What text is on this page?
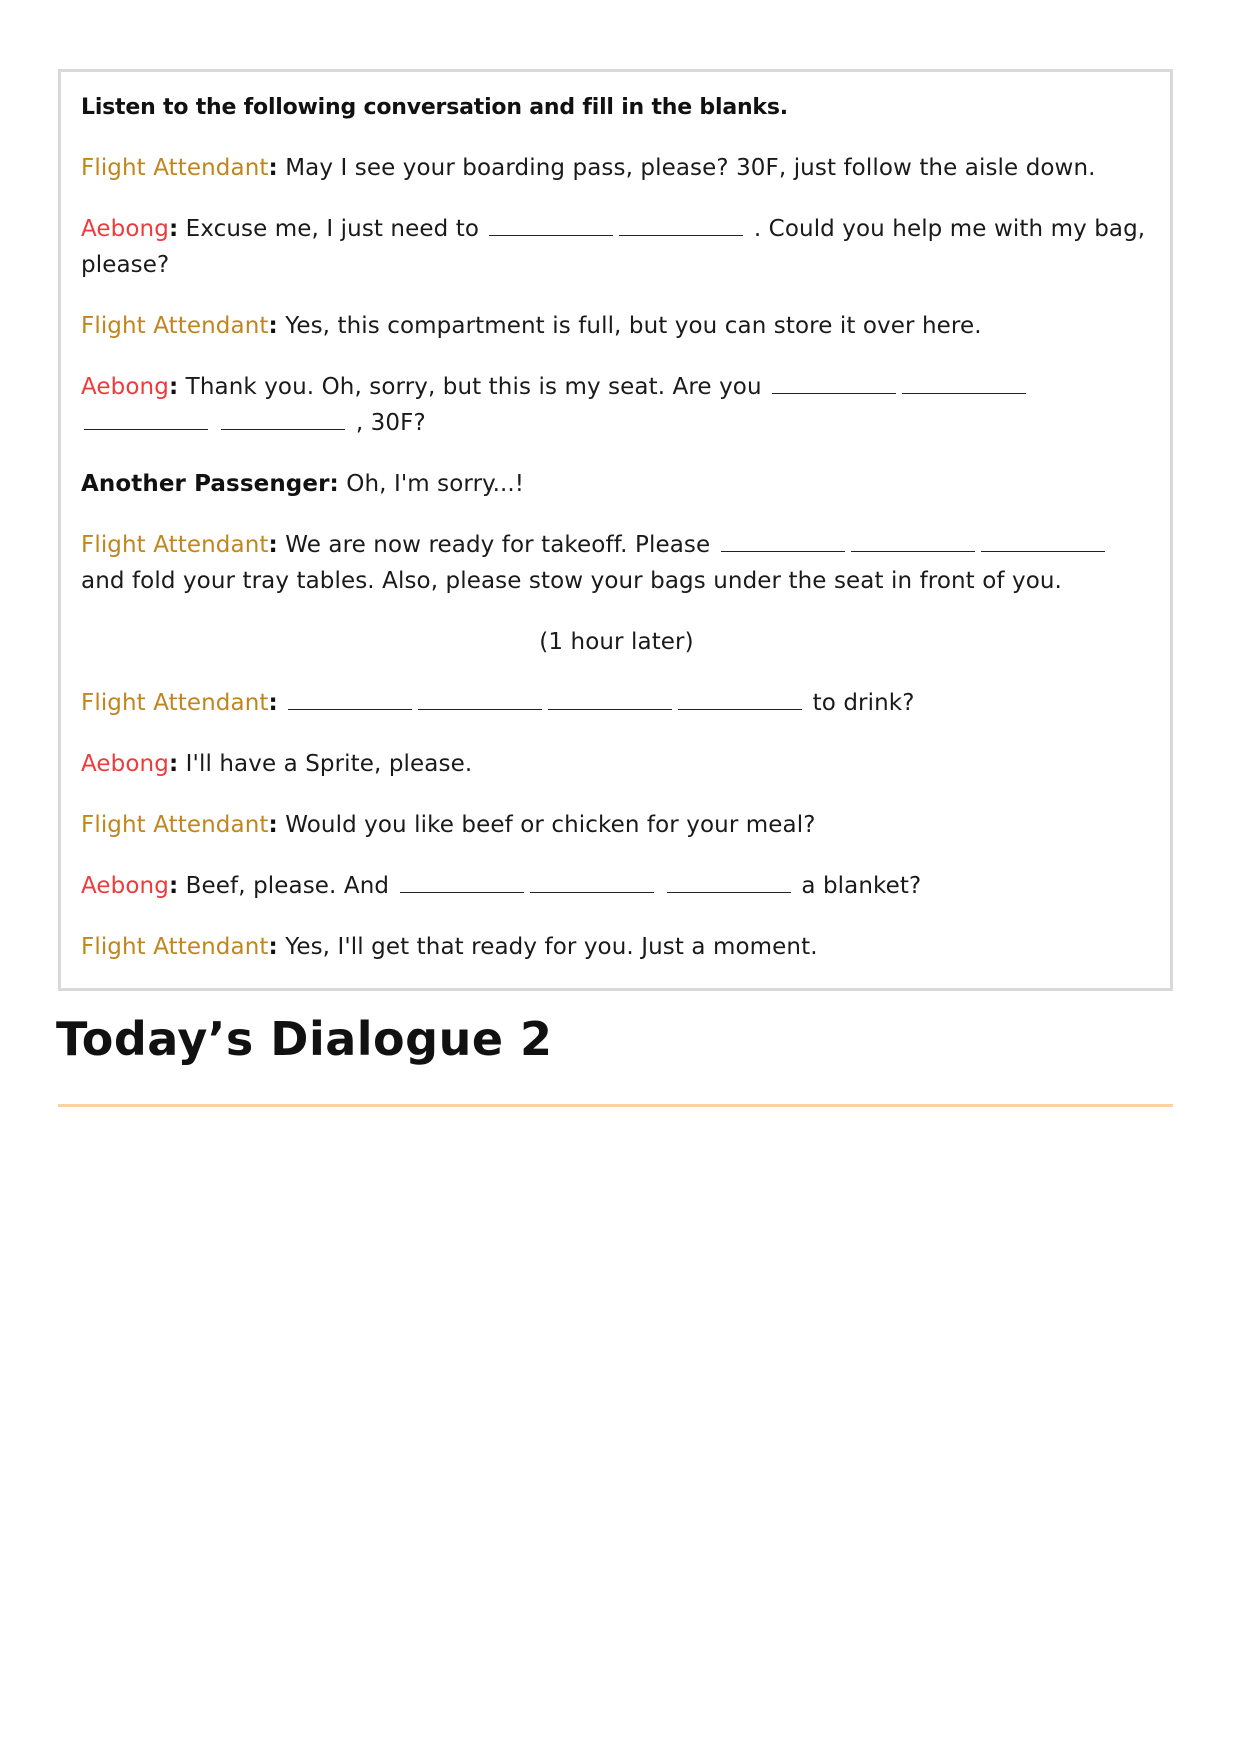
Listen to the following conversation and fill in the blanks.

Flight Attendant: May I see your boarding pass, please? 30F, just follow the aisle down.

Aebong: Excuse me, I just need to	. Could you help me with my bag, please?

Flight Attendant: Yes, this compartment is full, but you can store it over here.

Aebong: Thank you. Oh, sorry, but this is my seat. Are you   , 30F?

Another Passenger: Oh, I'm sorry...!

Flight Attendant: We are now ready for takeoff. Please  and fold your tray tables. Also, please stow your bags under the seat in front of you.

(1 hour later)

Flight Attendant:	to drink?

Aebong: I'll have a Sprite, please.

Flight Attendant: Would you like beef or chicken for your meal?

Aebong: Beef, please. And	a blanket?

Flight Attendant: Yes, I'll get that ready for you. Just a moment.

Today’s Dialogue 2
